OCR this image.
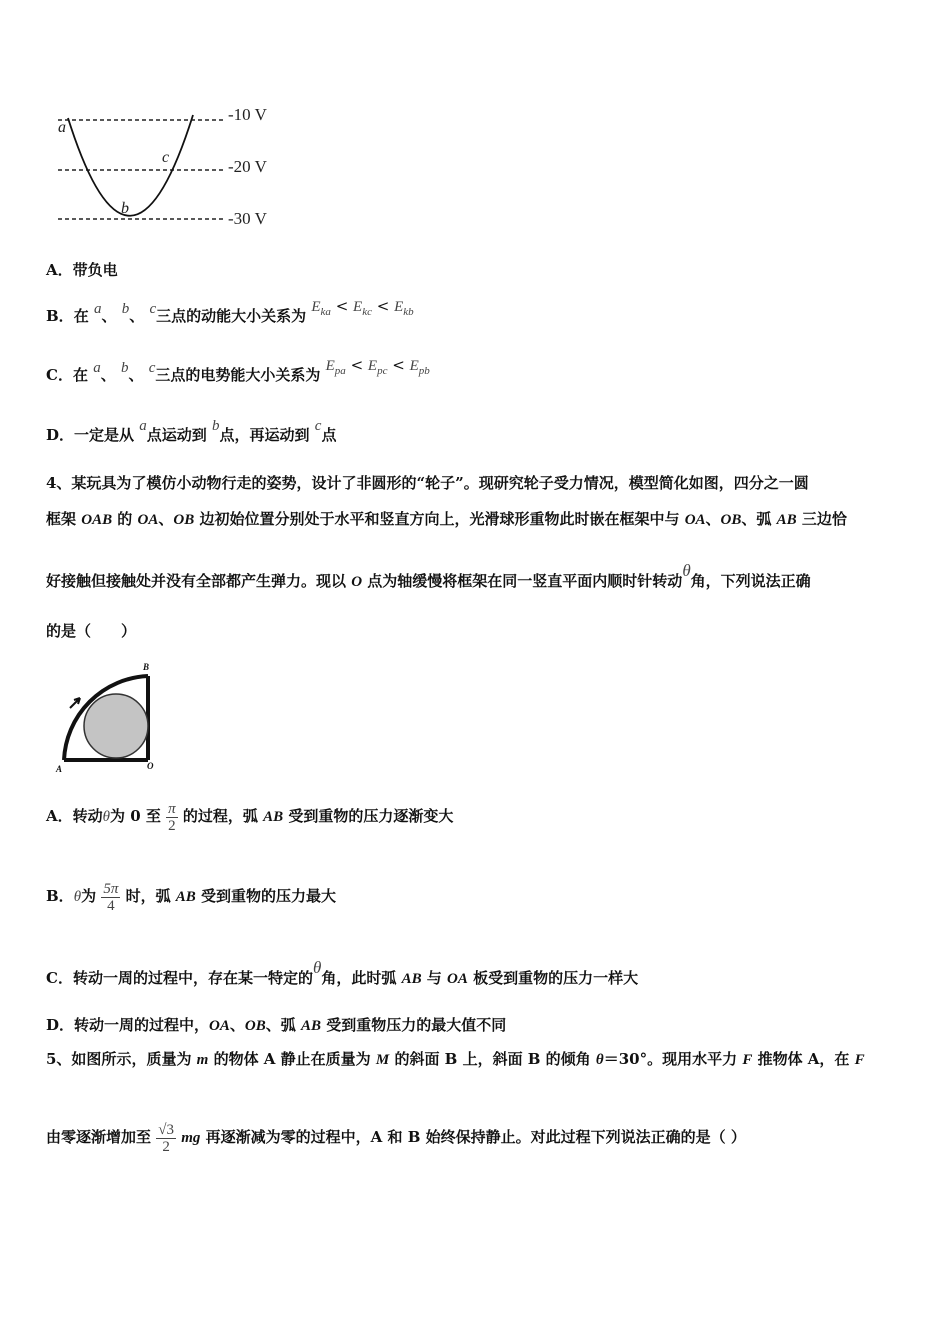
-10 V
-20 V
-30 V
a
b
c
A．带负电
B．在 a、 b、 c三点的动能大小关系为 $E_{ka} < E_{kc} < E_{kb}$
C．在 a、 b、 c三点的电势能大小关系为 $E_{pa} < E_{pc} < E_{pb}$
D．一定是从 a点运动到 b点，再运动到 c点
4、某玩具为了模仿小动物行走的姿势，设计了非圆形的“轮子”。现研究轮子受力情况，模型简化如图，四分之一圆
框架 OAB 的 OA、OB 边初始位置分别处于水平和竖直方向上，光滑球形重物此时嵌在框架中与 OA、OB、弧 AB 三边恰
好接触但接触处并没有全部都产生弹力。现以 O 点为轴缓慢将框架在同一竖直平面内顺时针转动θ角，下列说法正确
的是（　　）
B
A	O
A．转动θ为 0 至 $\frac{\pi}{2}$ 的过程，弧 AB 受到重物的压力逐渐变大
B．θ为 $\frac{5\pi}{4}$ 时，弧 AB 受到重物的压力最大
C．转动一周的过程中，存在某一特定的θ角，此时弧 AB 与 OA 板受到重物的压力一样大
D．转动一周的过程中，OA、OB、弧 AB 受到重物压力的最大值不同
5、如图所示，质量为 m 的物体 A 静止在质量为 M 的斜面 B 上，斜面 B 的倾角 θ＝30°。现用水平力 F 推物体 A，在 F
由零逐渐增加至 $\frac{√3}{2}$ mg 再逐渐减为零的过程中，A 和 B 始终保持静止。对此过程下列说法正确的是（ ）
